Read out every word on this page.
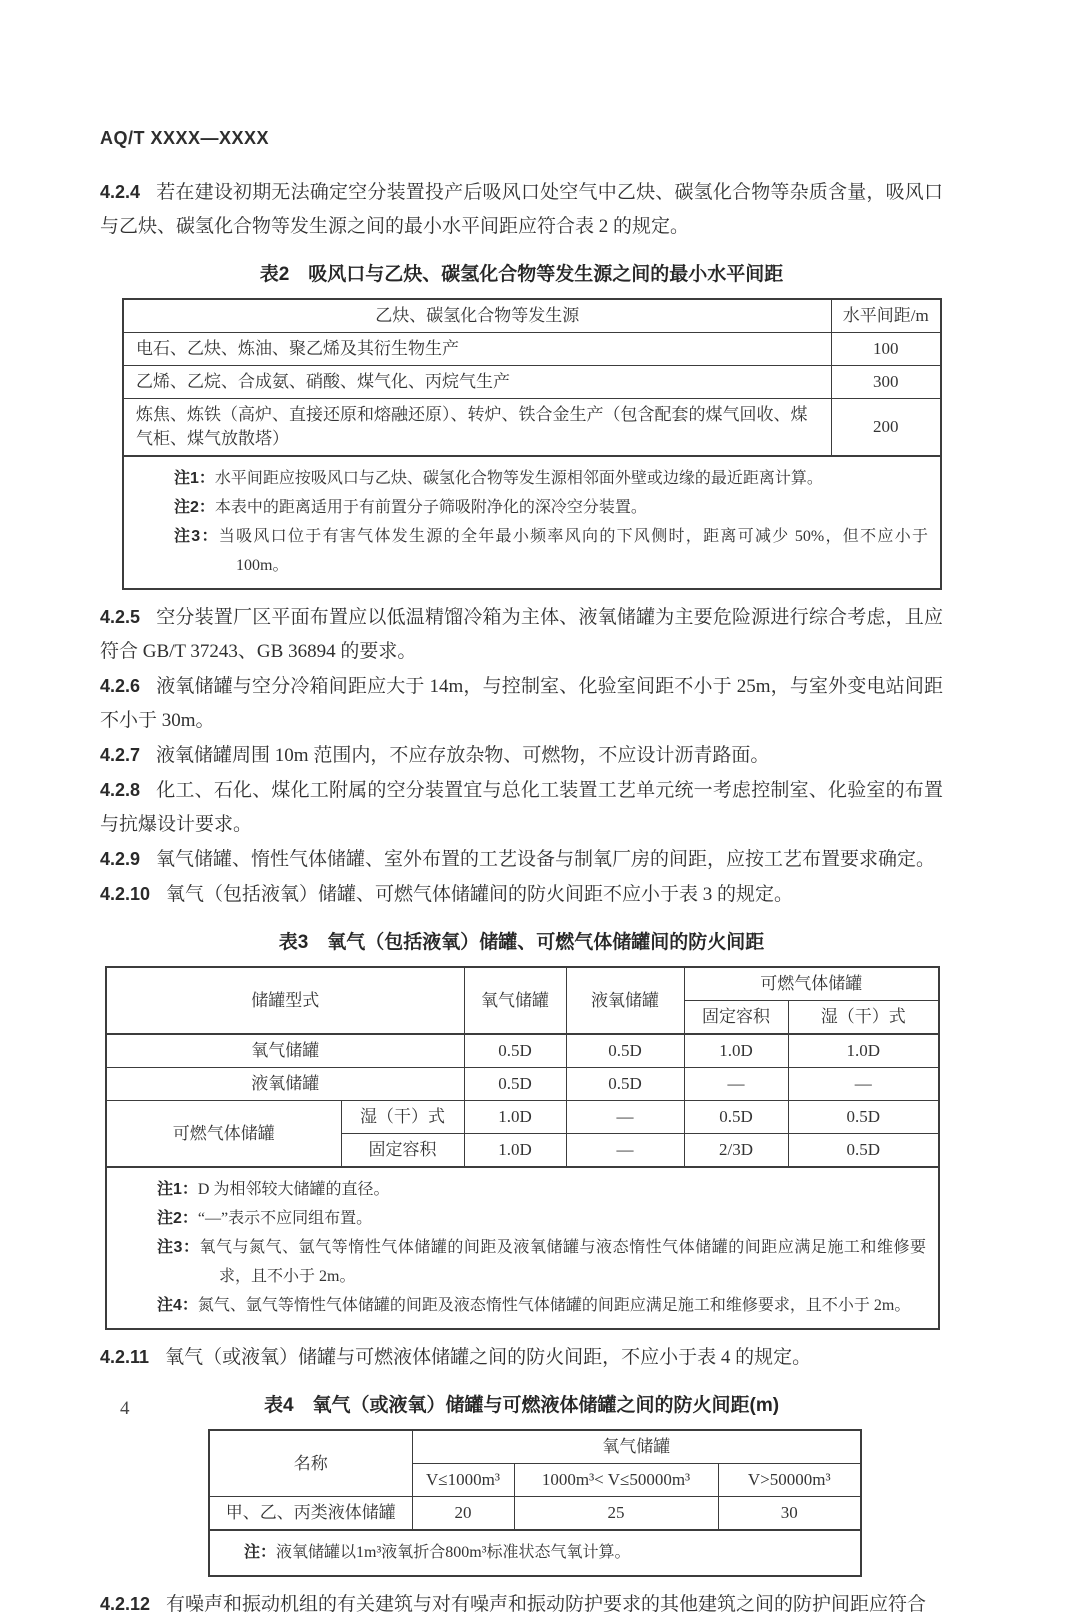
AQ/T XXXX—XXXX

4.2.4 若在建设初期无法确定空分装置投产后吸风口处空气中乙炔、碳氢化合物等杂质含量，吸风口与乙炔、碳氢化合物等发生源之间的最小水平间距应符合表 2 的规定。

表2　吸风口与乙炔、碳氢化合物等发生源之间的最小水平间距
乙炔、碳氢化合物等发生源	水平间距/m
电石、乙炔、炼油、聚乙烯及其衍生物生产	100
乙烯、乙烷、合成氨、硝酸、煤气化、丙烷气生产	300
炼焦、炼铁（高炉、直接还原和熔融还原）、转炉、铁合金生产（包含配套的煤气回收、煤气柜、煤气放散塔）	200

注1：水平间距应按吸风口与乙炔、碳氢化合物等发生源相邻面外壁或边缘的最近距离计算。
注2：本表中的距离适用于有前置分子筛吸附净化的深冷空分装置。
注3：当吸风口位于有害气体发生源的全年最小频率风向的下风侧时，距离可减少 50%，但不应小于 100m。	

4.2.5 空分装置厂区平面布置应以低温精馏冷箱为主体、液氧储罐为主要危险源进行综合考虑，且应符合 GB/T 37243、GB 36894 的要求。

4.2.6 液氧储罐与空分冷箱间距应大于 14m，与控制室、化验室间距不小于 25m，与室外变电站间距不小于 30m。

4.2.7 液氧储罐周围 10m 范围内，不应存放杂物、可燃物，不应设计沥青路面。

4.2.8 化工、石化、煤化工附属的空分装置宜与总化工装置工艺单元统一考虑控制室、化验室的布置与抗爆设计要求。

4.2.9 氧气储罐、惰性气体储罐、室外布置的工艺设备与制氧厂房的间距，应按工艺布置要求确定。

4.2.10 氧气（包括液氧）储罐、可燃气体储罐间的防火间距不应小于表 3 的规定。

表3　氧气（包括液氧）储罐、可燃气体储罐间的防火间距
储罐型式		氧气储罐	液氧储罐	可燃气体储罐	
				固定容积	湿（干）式
氧气储罐		0.5D	0.5D	1.0D	1.0D
液氧储罐		0.5D	0.5D	—	—
可燃气体储罐	湿（干）式	1.0D	—	0.5D	0.5D
	固定容积	1.0D	—	2/3D	0.5D

注1：D 为相邻较大储罐的直径。
注2：“—”表示不应同组布置。
注3：氧气与氮气、氩气等惰性气体储罐的间距及液氧储罐与液态惰性气体储罐的间距应满足施工和维修要求，且不小于 2m。
注4：氮气、氩气等惰性气体储罐的间距及液态惰性气体储罐的间距应满足施工和维修要求，且不小于 2m。					

4.2.11 氧气（或液氧）储罐与可燃液体储罐之间的防火间距，不应小于表 4 的规定。

表4　氧气（或液氧）储罐与可燃液体储罐之间的防火间距(m)
名称	氧气储罐		
	V≤1000m³	1000m³< V≤50000m³	V>50000m³
甲、乙、丙类液体储罐	20	25	30

注：液氧储罐以1m³液氧折合800m³标准状态气氧计算。			

4.2.12 有噪声和振动机组的有关建筑与对有噪声和振动防护要求的其他建筑之间的防护间距应符合

4
